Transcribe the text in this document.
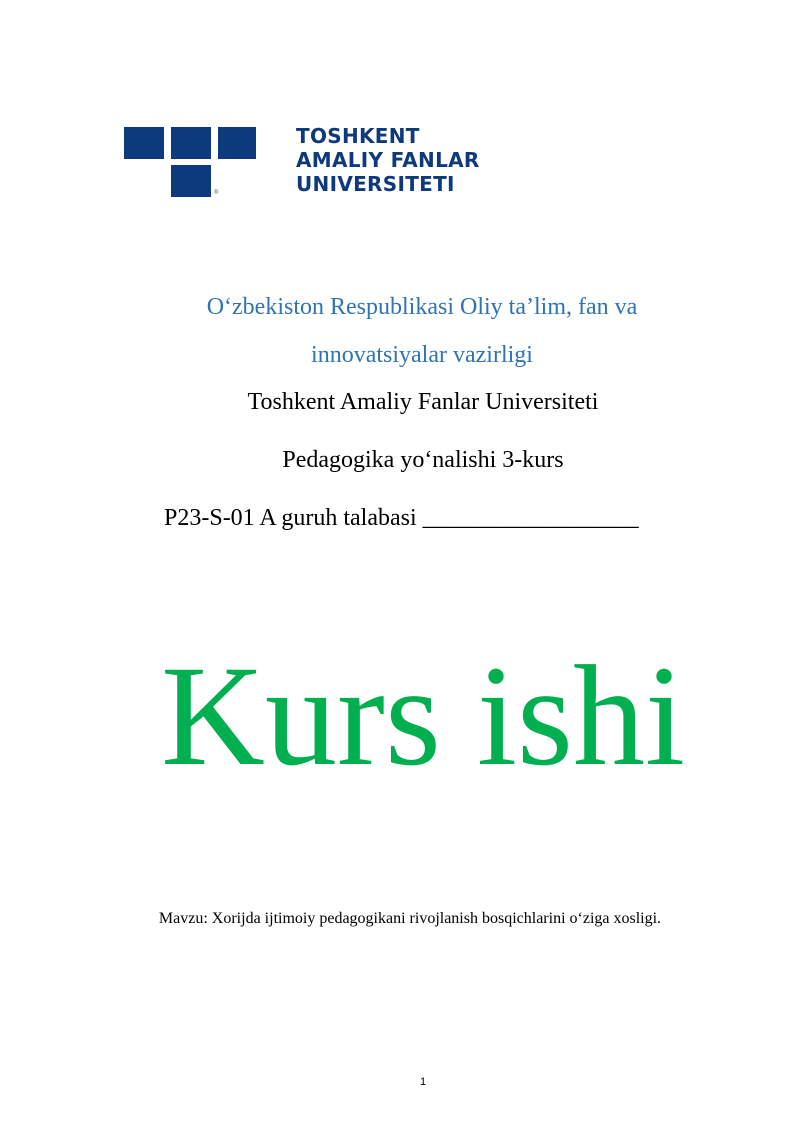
®
TOSHKENT
AMALIY FANLAR
UNIVERSITETI
O‘zbekiston Respublikasi Oliy ta’lim, fan va
innovatsiyalar vazirligi
Toshkent Amaliy Fanlar Universiteti
Pedagogika yo‘nalishi 3-kurs
P23-S-01 A guruh talabasi __________________
Kurs ishi
Mavzu: Xorijda ijtimoiy pedagogikani rivojlanish bosqichlarini o‘ziga xosligi.
1
